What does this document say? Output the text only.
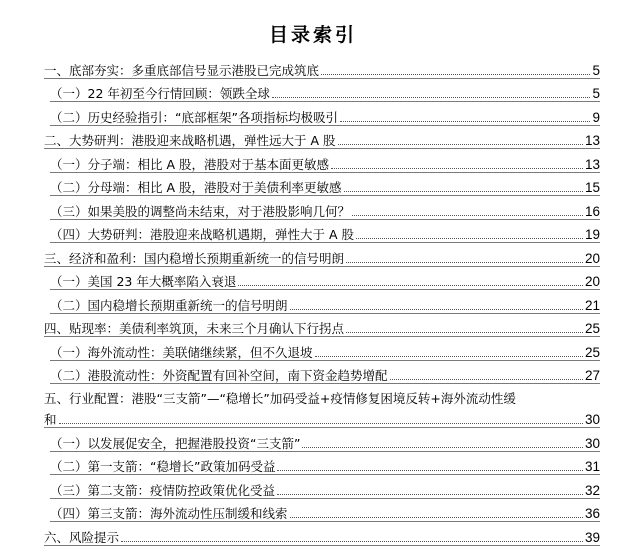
目录索引
一、底部夯实：多重底部信号显示港股已完成筑底	5
（一）22 年初至今行情回顾：领跌全球	5
（二）历史经验指引：“底部框架”各项指标均极吸引	9
二、大势研判：港股迎来战略机遇，弹性远大于 A 股	13
（一）分子端：相比 A 股，港股对于基本面更敏感	13
（二）分母端：相比 A 股，港股对于美债利率更敏感	15
（三）如果美股的调整尚未结束，对于港股影响几何？	16
（四）大势研判：港股迎来战略机遇期，弹性大于 A 股	19
三、经济和盈利：国内稳增长预期重新统一的信号明朗	20
（一）美国 23 年大概率陷入衰退	20
（二）国内稳增长预期重新统一的信号明朗	21
四、贴现率：美债利率筑顶，未来三个月确认下行拐点	25
（一）海外流动性：美联储继续紧，但不久退坡	25
（二）港股流动性：外资配置有回补空间，南下资金趋势增配	27
五、行业配置：港股“三支箭”—“稳增长”加码受益+疫情修复困境反转+海外流动性缓
和	30
（一）以发展促安全，把握港股投资“三支箭”	30
（二）第一支箭：“稳增长”政策加码受益	31
（三）第二支箭：疫情防控政策优化受益	32
（四）第三支箭：海外流动性压制缓和线索	36
六、风险提示	39
